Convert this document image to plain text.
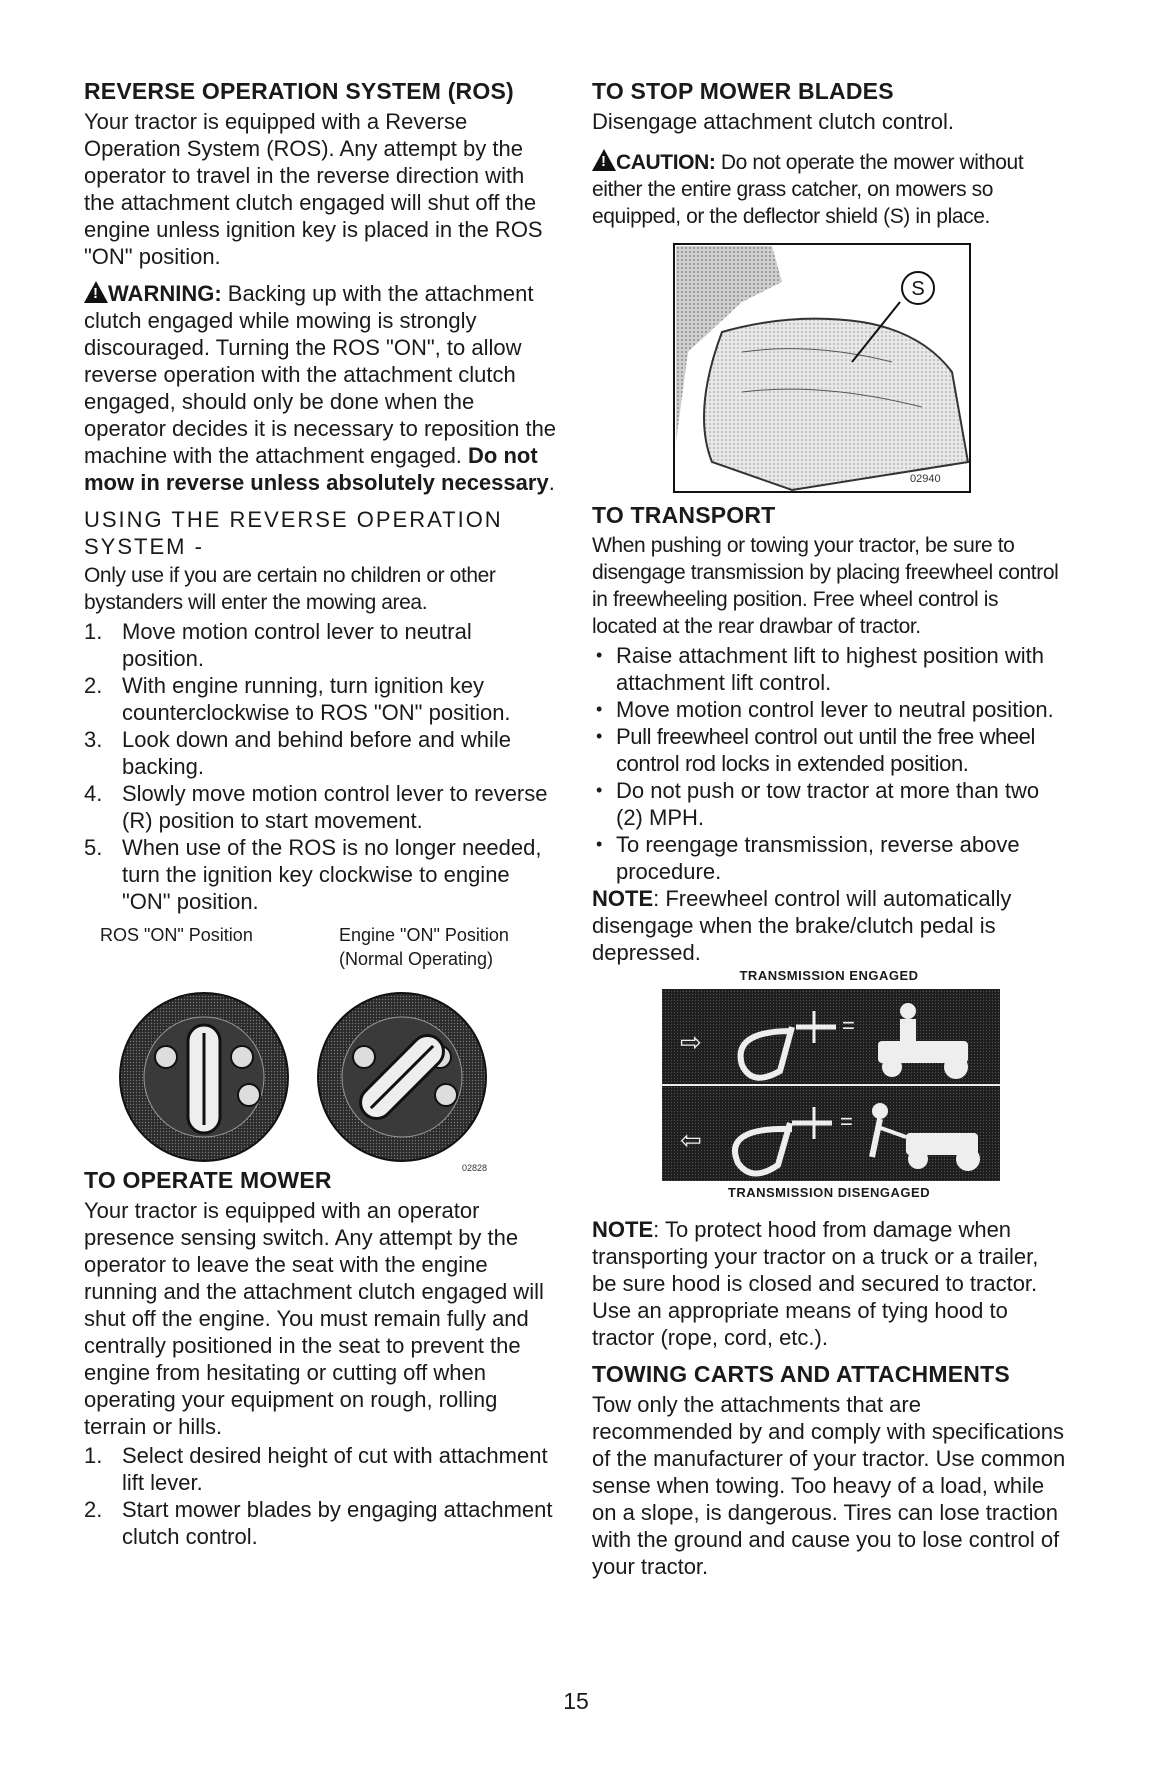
REVERSE OPERATION SYSTEM (ROS)

Your tractor is equipped with a Reverse Operation System (ROS). Any attempt by the operator to travel in the reverse direction with the attachment clutch engaged will shut off the engine unless ignition key is placed in the ROS "ON" position.

!WARNING: Backing up with the attachment clutch engaged while mowing is strongly discouraged. Turning the ROS "ON", to allow reverse operation with the attachment clutch engaged, should only be done when the operator decides it is necessary to reposition the machine with the attachment engaged. Do not mow in reverse unless absolutely necessary.

USING THE REVERSE OPERATION SYSTEM -

Only use if you are certain no children or other bystanders will enter the mowing area.

1. Move motion control lever to neutral position.
2. With engine running, turn ignition key counterclockwise to ROS "ON" position.
3. Look down and behind before and while backing.
4. Slowly move motion control lever to reverse (R) position to start movement.
5. When use of the ROS is no longer needed, turn the ignition key clockwise to engine "ON" position.
ROS "ON" Position	Engine "ON" Position
(Normal Operating)
02828
TO OPERATE MOWER

Your tractor is equipped with an operator presence sensing switch. Any attempt by the operator to leave the seat with the engine running and the attachment clutch engaged will shut off the engine. You must remain fully and centrally positioned in the seat to prevent the engine from hesitating or cutting off when operating your equipment on rough, rolling terrain or hills.

1. Select desired height of cut with attachment lift lever.
2. Start mower blades by engaging attachment clutch control.
TO STOP MOWER BLADES

Disengage attachment clutch control.

!CAUTION: Do not operate the mower without either the entire grass catcher, on mowers so equipped, or the deflector shield (S) in place.

S
02940
TO TRANSPORT

When pushing or towing your tractor, be sure to disengage transmission by placing freewheel control in freewheeling position. Free wheel control is located at the rear drawbar of tractor.

• Raise attachment lift to highest position with attachment lift control.
• Move motion control lever to neutral position.
• Pull freewheel control out until the free wheel control rod locks in extended position.
• Do not push or tow tractor at more than two (2) MPH.
• To reengage transmission, reverse above procedure.

NOTE: Freewheel control will automatically disengage when the brake/clutch pedal is depressed.

TRANSMISSION ENGAGED
⇨
=
⇦
=
TRANSMISSION DISENGAGED

NOTE: To protect hood from damage when transporting your tractor on a truck or a trailer, be sure hood is closed and secured to tractor. Use an appropriate means of tying hood to tractor (rope, cord, etc.).

TOWING CARTS AND ATTACHMENTS

Tow only the attachments that are recommended by and comply with specifications of the manufacturer of your tractor. Use common sense when towing. Too heavy of a load, while on a slope, is dangerous. Tires can lose traction with the ground and cause you to lose control of your tractor.

15
